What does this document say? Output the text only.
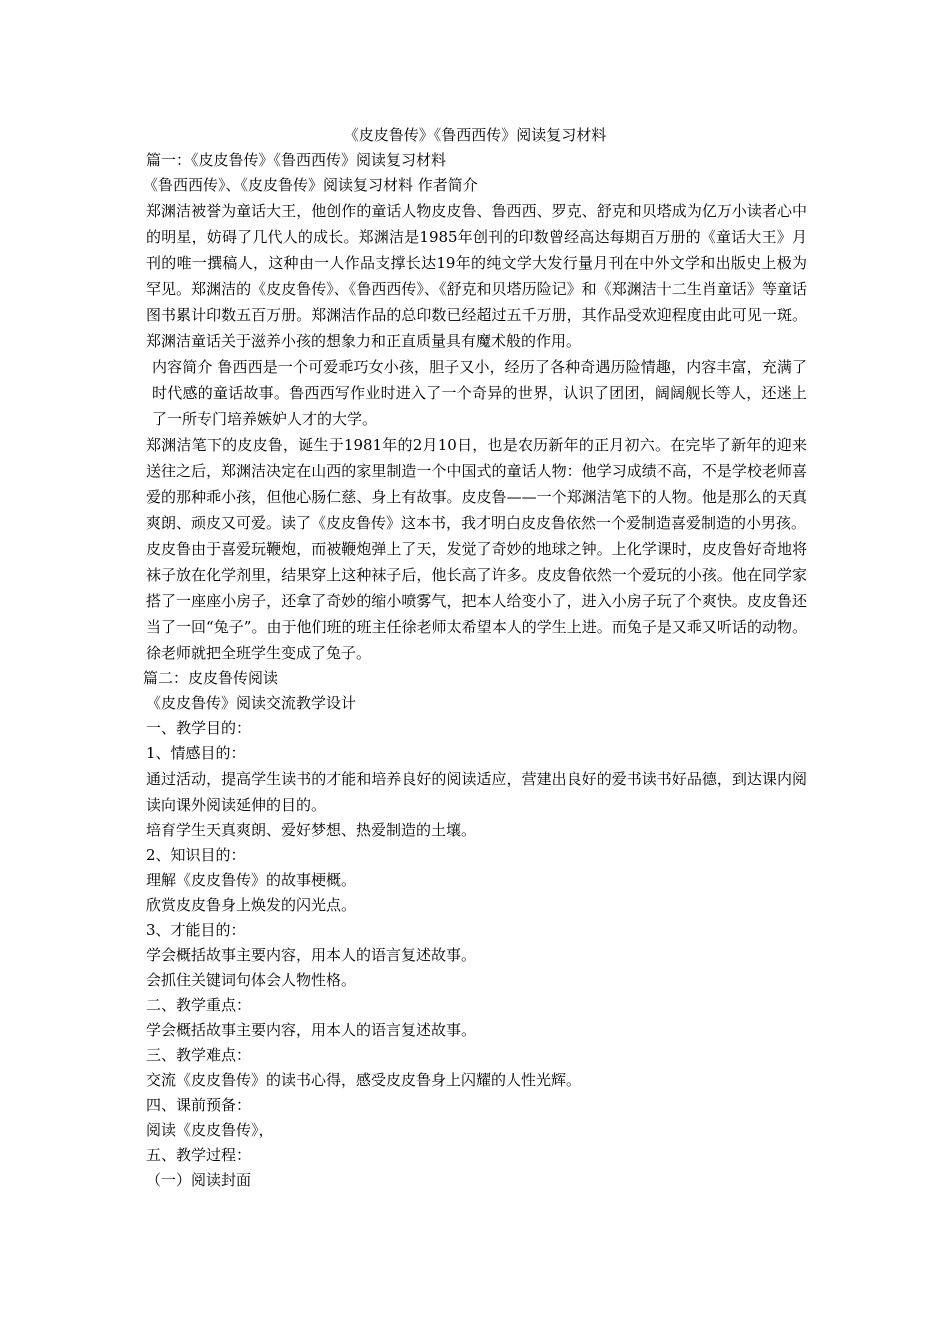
《皮皮鲁传》《鲁西西传》阅读复习材料

篇一：《皮皮鲁传》《鲁西西传》阅读复习材料

《鲁西西传》、《皮皮鲁传》阅读复习材料 作者简介

郑渊洁被誉为童话大王，他创作的童话人物皮皮鲁、鲁西西、罗克、舒克和贝塔成为亿万小读者心中的明星，妨碍了几代人的成长。郑渊洁是1985年创刊的印数曾经高达每期百万册的《童话大王》月刊的唯一撰稿人，这种由一人作品支撑长达19年的纯文学大发行量月刊在中外文学和出版史上极为罕见。郑渊洁的《皮皮鲁传》、《鲁西西传》、《舒克和贝塔历险记》和《郑渊洁十二生肖童话》等童话图书累计印数五百万册。郑渊洁作品的总印数已经超过五千万册，其作品受欢迎程度由此可见一斑。郑渊洁童话关于滋养小孩的想象力和正直质量具有魔术般的作用。

内容简介 鲁西西是一个可爱乖巧女小孩，胆子又小，经历了各种奇遇历险情趣，内容丰富，充满了时代感的童话故事。鲁西西写作业时进入了一个奇异的世界，认识了团团，阔阔舰长等人，还迷上了一所专门培养嫉妒人才的大学。

郑渊洁笔下的皮皮鲁，诞生于1981年的2月10日，也是农历新年的正月初六。在完毕了新年的迎来送往之后，郑渊洁决定在山西的家里制造一个中国式的童话人物：他学习成绩不高，不是学校老师喜爱的那种乖小孩，但他心肠仁慈、身上有故事。皮皮鲁——一个郑渊洁笔下的人物。他是那么的天真爽朗、顽皮又可爱。读了《皮皮鲁传》这本书，我才明白皮皮鲁依然一个爱制造喜爱制造的小男孩。

皮皮鲁由于喜爱玩鞭炮，而被鞭炮弹上了天，发觉了奇妙的地球之钟。上化学课时，皮皮鲁好奇地将袜子放在化学剂里，结果穿上这种袜子后，他长高了许多。皮皮鲁依然一个爱玩的小孩。他在同学家搭了一座座小房子，还拿了奇妙的缩小喷雾气，把本人给变小了，进入小房子玩了个爽快。皮皮鲁还当了一回“兔子”。由于他们班的班主任徐老师太希望本人的学生上进。而兔子是又乖又听话的动物。徐老师就把全班学生变成了兔子。

篇二：皮皮鲁传阅读

《皮皮鲁传》阅读交流教学设计

一、教学目的：

1、情感目的：

通过活动，提高学生读书的才能和培养良好的阅读适应，营建出良好的爱书读书好品德，到达课内阅读向课外阅读延伸的目的。

培育学生天真爽朗、爱好梦想、热爱制造的土壤。

2、知识目的：

理解《皮皮鲁传》的故事梗概。

欣赏皮皮鲁身上焕发的闪光点。

3、才能目的：

学会概括故事主要内容，用本人的语言复述故事。

会抓住关键词句体会人物性格。

二、教学重点：

学会概括故事主要内容，用本人的语言复述故事。

三、教学难点：

交流《皮皮鲁传》的读书心得，感受皮皮鲁身上闪耀的人性光辉。

四、课前预备：

阅读《皮皮鲁传》，

五、教学过程：

（一）阅读封面
